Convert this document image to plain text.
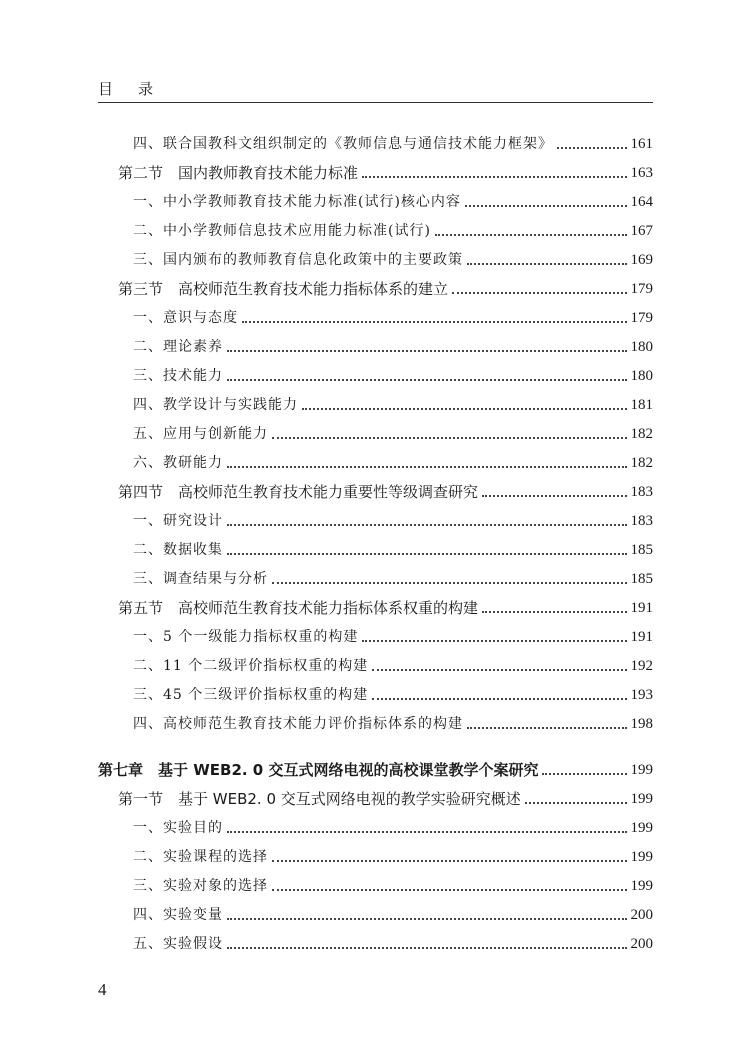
目 录
四、联合国教科文组织制定的《教师信息与通信技术能力框架》	161
第二节　国内教师教育技术能力标准	163
一、中小学教师教育技术能力标准(试行)核心内容	164
二、中小学教师信息技术应用能力标准(试行)	167
三、国内颁布的教师教育信息化政策中的主要政策	169
第三节　高校师范生教育技术能力指标体系的建立	179
一、意识与态度	179
二、理论素养	180
三、技术能力	180
四、教学设计与实践能力	181
五、应用与创新能力	182
六、教研能力	182
第四节　高校师范生教育技术能力重要性等级调查研究	183
一、研究设计	183
二、数据收集	185
三、调查结果与分析	185
第五节　高校师范生教育技术能力指标体系权重的构建	191
一、5 个一级能力指标权重的构建	191
二、11 个二级评价指标权重的构建	192
三、45 个三级评价指标权重的构建	193
四、高校师范生教育技术能力评价指标体系的构建	198
第七章　基于 WEB2. 0 交互式网络电视的高校课堂教学个案研究	199
第一节　基于 WEB2. 0 交互式网络电视的教学实验研究概述	199
一、实验目的	199
二、实验课程的选择	199
三、实验对象的选择	199
四、实验变量	200
五、实验假设	200
4
